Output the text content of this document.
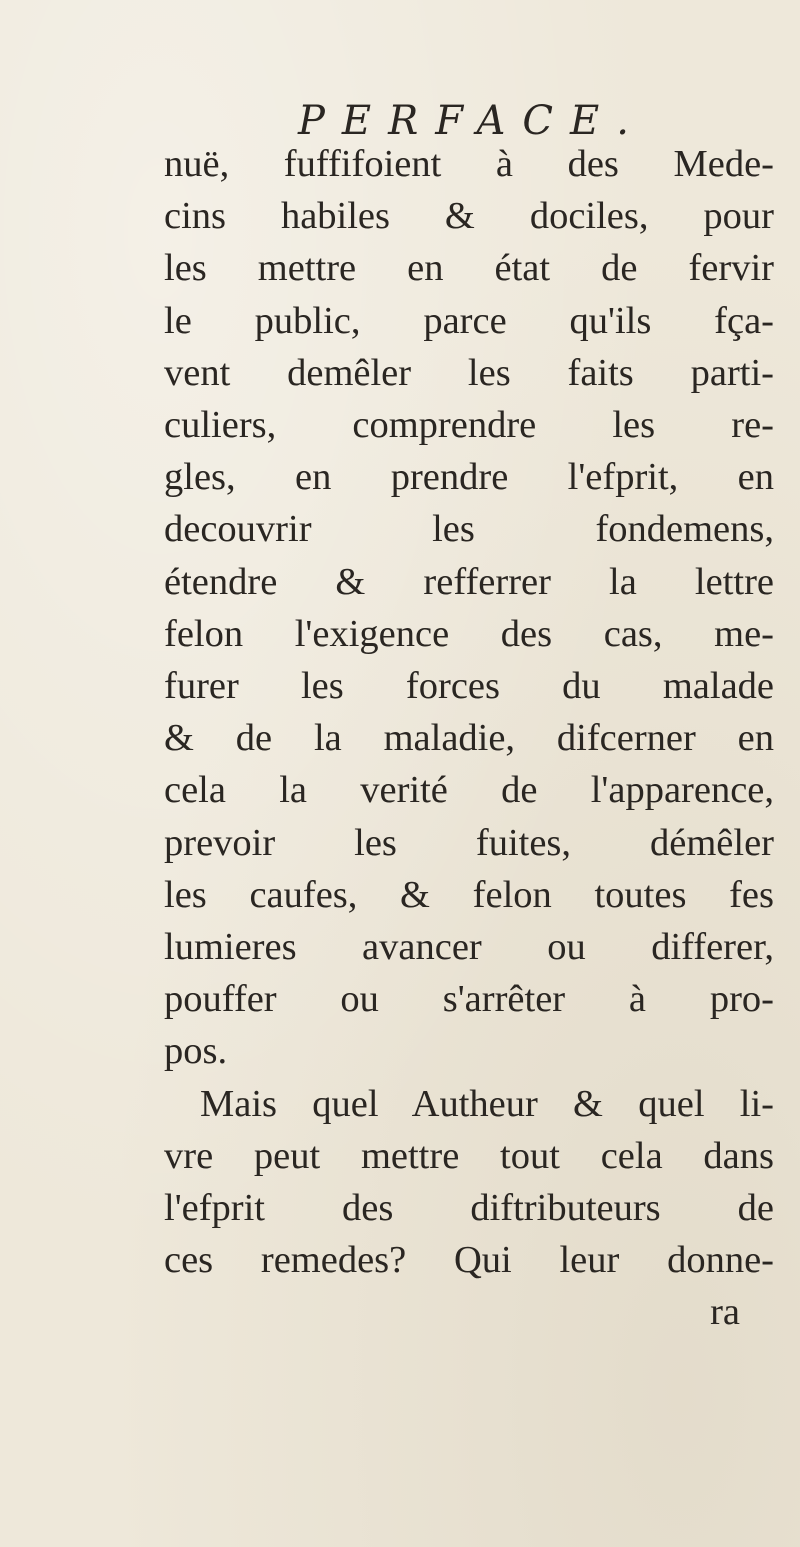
PERFACE.
nuë, fuffifoient à des Mede-
cins habiles & dociles, pour
les mettre en état de fervir
le public, parce qu'ils fça-
vent demêler les faits parti-
culiers, comprendre les re-
gles, en prendre l'efprit, en
decouvrir les fondemens,
étendre & refferrer la lettre
felon l'exigence des cas, me-
furer les forces du malade
& de la maladie, difcerner en
cela la verité de l'apparence,
prevoir les fuites, démêler
les caufes, & felon toutes fes
lumieres avancer ou differer,
pouffer ou s'arrêter à pro-
pos.
Mais quel Autheur & quel li-
vre peut mettre tout cela dans
l'efprit des diftributeurs de
ces remedes? Qui leur donne-
ra
